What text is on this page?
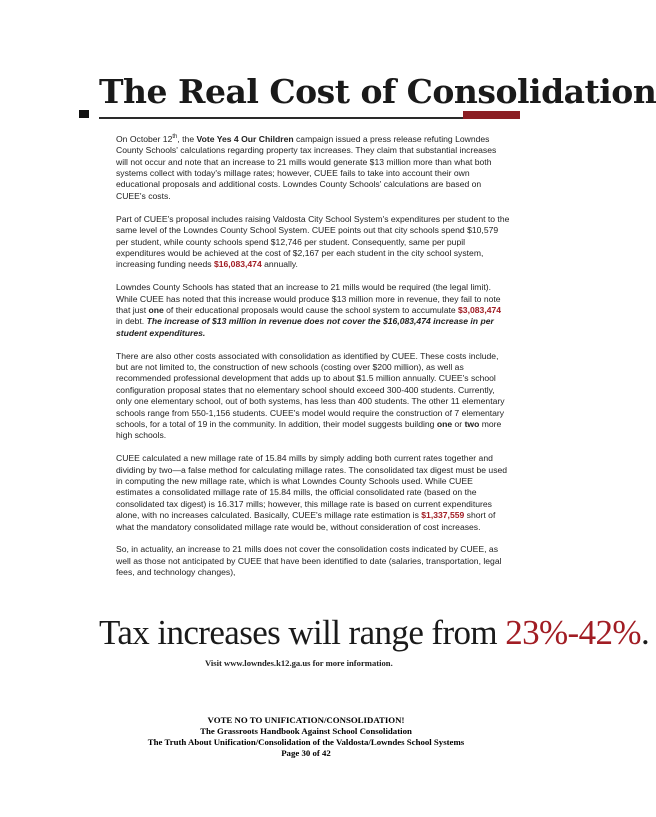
The Real Cost of Consolidation

On October 12th, the Vote Yes 4 Our Children campaign issued a press release refuting Lowndes County Schools' calculations regarding property tax increases. They claim that substantial increases will not occur and note that an increase to 21 mills would generate $13 million more than what both systems collect with today's millage rates; however, CUEE fails to take into account their own educational proposals and additional costs. Lowndes County Schools' calculations are based on CUEE's costs.

Part of CUEE's proposal includes raising Valdosta City School System's expenditures per student to the same level of the Lowndes County School System. CUEE points out that city schools spend $10,579 per student, while county schools spend $12,746 per student. Consequently, same per pupil expenditures would be achieved at the cost of $2,167 per each student in the city school system, increasing funding needs $16,083,474 annually.

Lowndes County Schools has stated that an increase to 21 mills would be required (the legal limit). While CUEE has noted that this increase would produce $13 million more in revenue, they fail to note that just one of their educational proposals would cause the school system to accumulate $3,083,474 in debt. The increase of $13 million in revenue does not cover the $16,083,474 increase in per student expenditures.

There are also other costs associated with consolidation as identified by CUEE. These costs include, but are not limited to, the construction of new schools (costing over $200 million), as well as recommended professional development that adds up to about $1.5 million annually. CUEE's school configuration proposal states that no elementary school should exceed 300-400 students. Currently, only one elementary school, out of both systems, has less than 400 students. The other 11 elementary schools range from 550-1,156 students. CUEE's model would require the construction of 7 elementary schools, for a total of 19 in the community. In addition, their model suggests building one or two more high schools.

CUEE calculated a new millage rate of 15.84 mills by simply adding both current rates together and dividing by two—a false method for calculating millage rates. The consolidated tax digest must be used in computing the new millage rate, which is what Lowndes County Schools used. While CUEE estimates a consolidated millage rate of 15.84 mills, the official consolidated rate (based on the consolidated tax digest) is 16.317 mills; however, this millage rate is based on current expenditures alone, with no increases calculated. Basically, CUEE's millage rate estimation is $1,337,559 short of what the mandatory consolidated millage rate would be, without consideration of cost increases.

So, in actuality, an increase to 21 mills does not cover the consolidation costs indicated by CUEE, as well as those not anticipated by CUEE that have been identified to date (salaries, transportation, legal fees, and technology changes),

Tax increases will range from 23%-42%.
Visit www.lowndes.k12.ga.us for more information.
VOTE NO TO UNIFICATION/CONSOLIDATION!
The Grassroots Handbook Against School Consolidation
The Truth About Unification/Consolidation of the Valdosta/Lowndes School Systems
Page 30 of 42
